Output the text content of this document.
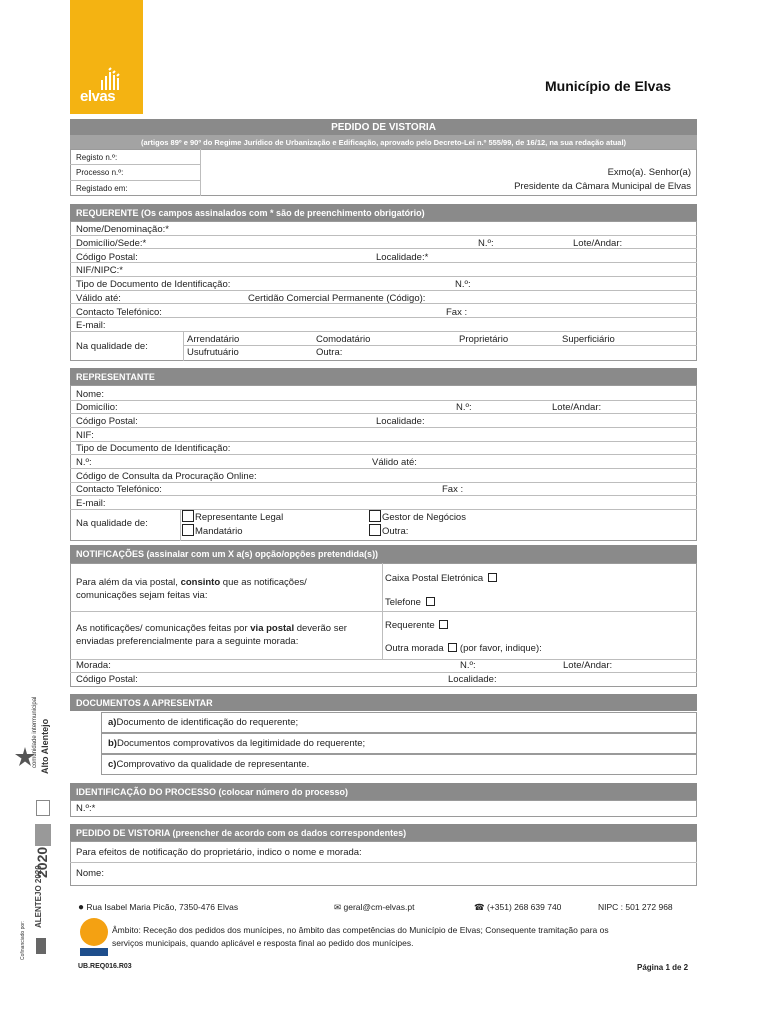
elvas
Município de Elvas
PEDIDO DE VISTORIA
(artigos 89º e 90º do Regime Jurídico de Urbanização e Edificação, aprovado pelo Decreto-Lei n.º 555/99, de 16/12, na sua redação atual)
Registo n.º:
Processo n.º:
Registado em:
Exmo(a). Senhor(a)
Presidente da Câmara Municipal de Elvas
REQUERENTE (Os campos assinalados com * são de preenchimento obrigatório)
Nome/Denominação:*
Domicílio/Sede:*	N.º:	Lote/Andar:
Código Postal:	Localidade:*
NIF/NIPC:*
Tipo de Documento de Identificação:	N.º:
Válido até:	Certidão Comercial Permanente (Código):
Contacto Telefónico:	Fax :
E-mail:
Na qualidade de:
Arrendatário	Comodatário	Proprietário	Superficiário
Usufrutuário	Outra:
REPRESENTANTE
Nome:
Domicílio:	N.º:	Lote/Andar:
Código Postal:	Localidade:
NIF:
Tipo de Documento de Identificação:
N.º:	Válido até:
Código de Consulta da Procuração Online:
Contacto Telefónico:	Fax :
E-mail:
Na qualidade de:
Representante Legal
Mandatário
Gestor de Negócios
Outra:
NOTIFICAÇÕES (assinalar com um X a(s) opção/opções pretendida(s))
Para além da via postal, consinto que as notificações/
comunicações sejam feitas via:
Caixa Postal Eletrónica
Telefone
As notificações/ comunicações feitas por via postal deverão ser
enviadas preferencialmente para a seguinte morada:
Requerente
Outra morada (por favor, indique):
Morada:	N.º:	Lote/Andar:
Código Postal:	Localidade:
DOCUMENTOS A APRESENTAR
a) Documento de identificação do requerente;
b) Documentos comprovativos da legitimidade do requerente;
c) Comprovativo da qualidade de representante.
IDENTIFICAÇÃO DO PROCESSO (colocar número do processo)
N.º:*
PEDIDO DE VISTORIA (preencher de acordo com os dados correspondentes)
Para efeitos de notificação do proprietário, indico o nome e morada:
Nome:
comunidade intermunicipal Alto Alentejo
2020
ALENTEJO 2020
Cofinanciado por:
● Rua Isabel Maria Picão, 7350-476 Elvas	✉ geral@cm-elvas.pt	☎ (+351) 268 639 740	NIPC : 501 272 968
Âmbito: Receção dos pedidos dos munícipes, no âmbito das competências do Município de Elvas; Consequente tramitação para os
serviços municipais, quando aplicável e resposta final ao pedido dos munícipes.
UB.REQ016.R03	Página 1 de 2
